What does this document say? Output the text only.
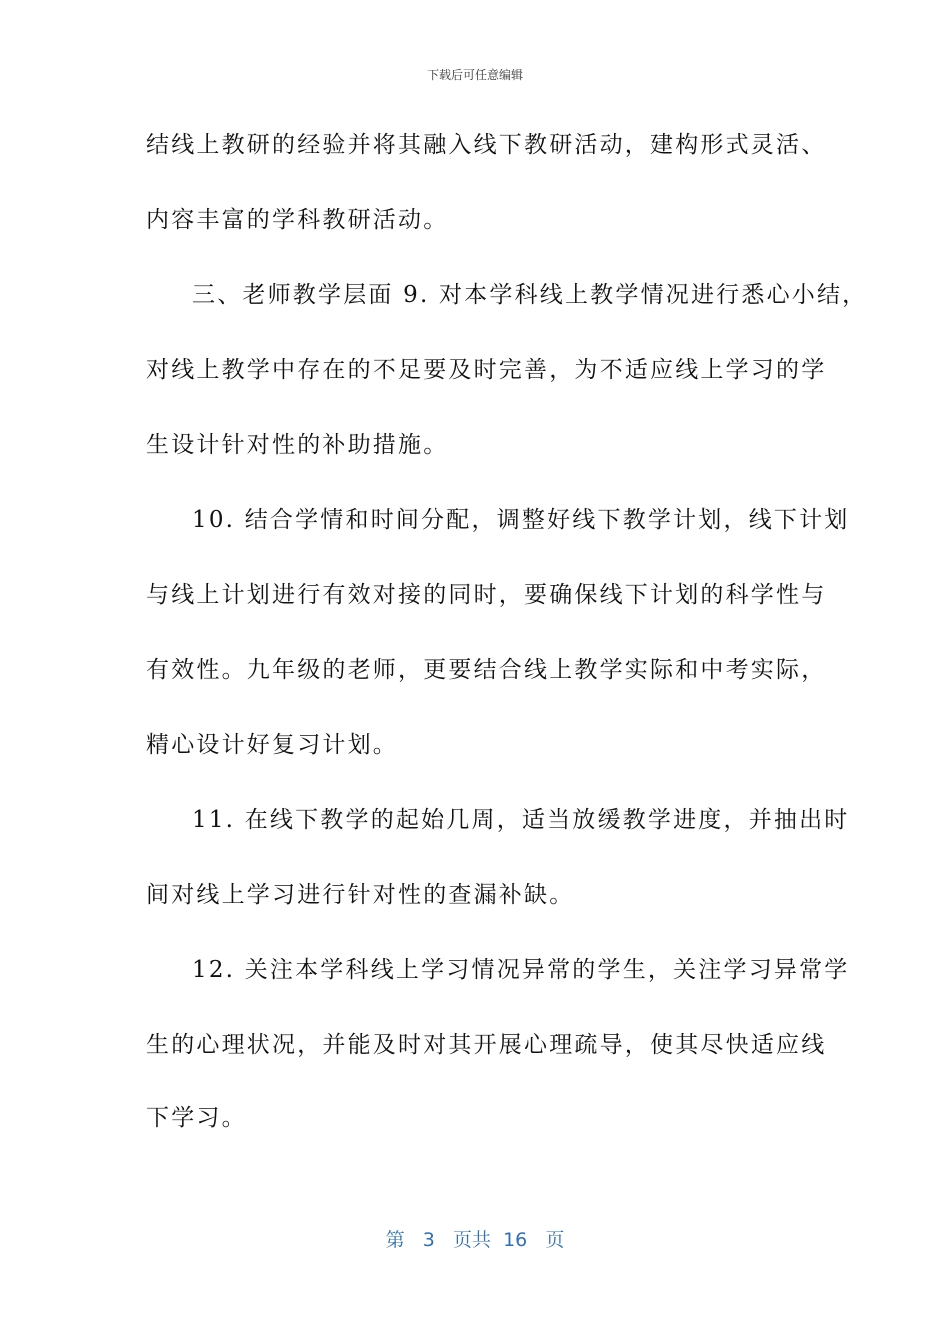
下载后可任意编辑
结线上教研的经验并将其融入线下教研活动，建构形式灵活、
内容丰富的学科教研活动。
三、老师教学层面 9. 对本学科线上教学情况进行悉心小结，
对线上教学中存在的不足要及时完善，为不适应线上学习的学
生设计针对性的补助措施。
10. 结合学情和时间分配，调整好线下教学计划，线下计划
与线上计划进行有效对接的同时，要确保线下计划的科学性与
有效性。九年级的老师，更要结合线上教学实际和中考实际，
精心设计好复习计划。
11. 在线下教学的起始几周，适当放缓教学进度，并抽出时
间对线上学习进行针对性的查漏补缺。
12. 关注本学科线上学习情况异常的学生，关注学习异常学
生的心理状况，并能及时对其开展心理疏导，使其尽快适应线
下学习。
第 3 页共 16 页
